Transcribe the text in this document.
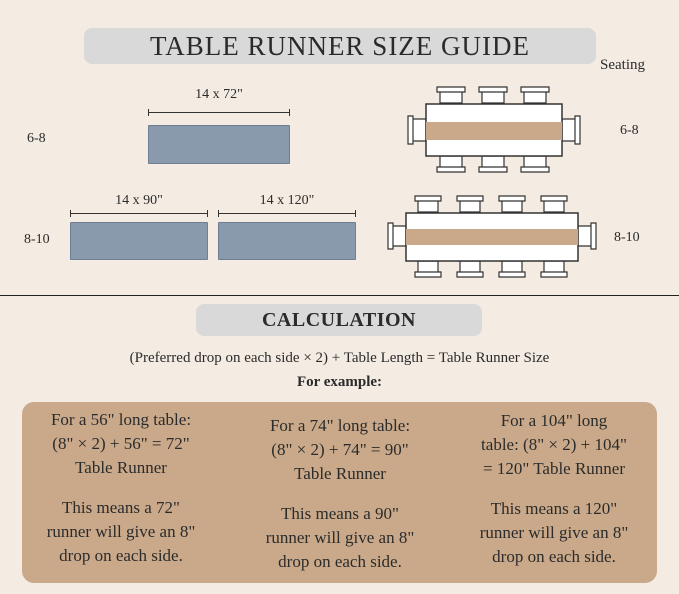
TABLE RUNNER SIZE GUIDE
Seating
6-8
14 x 72"
6-8
8-10
14 x 90"	14 x 120"
8-10
CALCULATION
(Preferred drop on each side × 2) + Table Length = Table Runner Size
For example:
For a 56" long table:
(8" × 2) + 56" = 72"
Table Runner
This means a 72"
runner will give an 8"
drop on each side.
For a 74" long table:
(8" × 2) + 74" = 90"
Table Runner
This means a 90"
runner will give an 8"
drop on each side.
For a 104" long
table: (8" × 2) + 104"
= 120" Table Runner
This means a 120"
runner will give an 8"
drop on each side.
